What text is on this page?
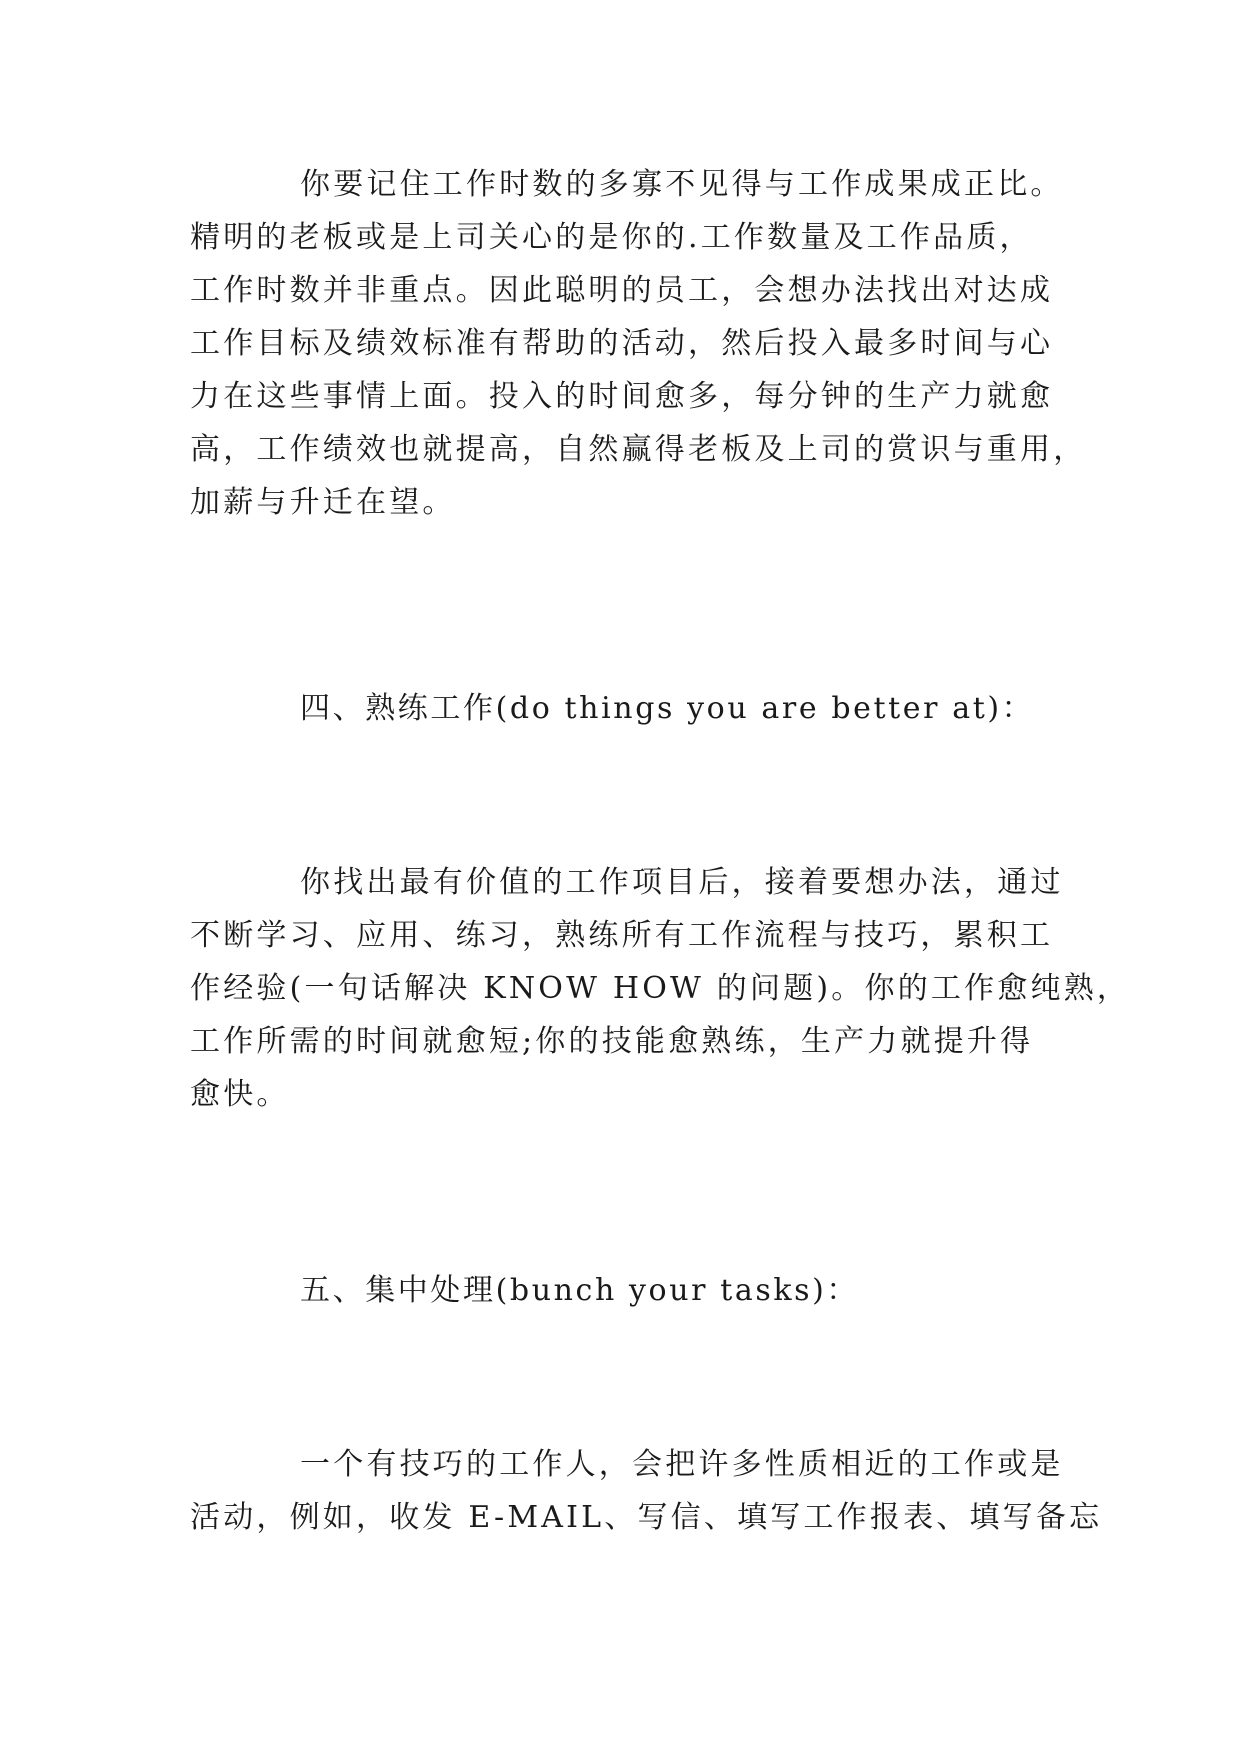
你要记住工作时数的多寡不见得与工作成果成正比。

精明的老板或是上司关心的是你的.工作数量及工作品质，

工作时数并非重点。因此聪明的员工，会想办法找出对达成

工作目标及绩效标准有帮助的活动，然后投入最多时间与心

力在这些事情上面。投入的时间愈多，每分钟的生产力就愈

高，工作绩效也就提高，自然赢得老板及上司的赏识与重用，

加薪与升迁在望。

四、熟练工作(do things you are better at)：

你找出最有价值的工作项目后，接着要想办法，通过

不断学习、应用、练习，熟练所有工作流程与技巧，累积工

作经验(一句话解决 KNOW HOW 的问题)。你的工作愈纯熟，

工作所需的时间就愈短;你的技能愈熟练，生产力就提升得

愈快。

五、集中处理(bunch your tasks)：

一个有技巧的工作人，会把许多性质相近的工作或是

活动，例如，收发 E-MAIL、写信、填写工作报表、填写备忘
